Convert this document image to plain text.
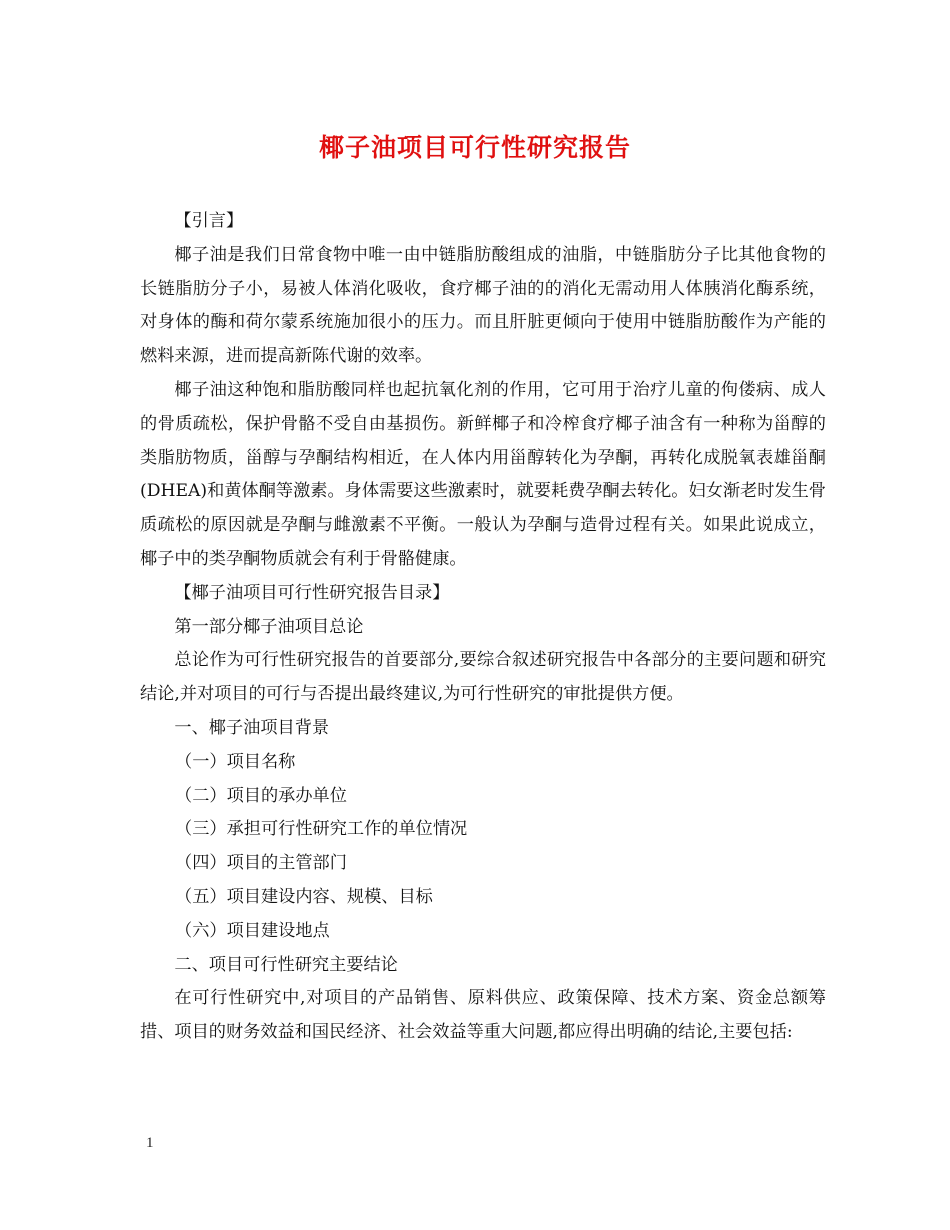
椰子油项目可行性研究报告

【引言】

椰子油是我们日常食物中唯一由中链脂肪酸组成的油脂，中链脂肪分子比其他食物的长链脂肪分子小，易被人体消化吸收，食疗椰子油的的消化无需动用人体胰消化酶系统，对身体的酶和荷尔蒙系统施加很小的压力。而且肝脏更倾向于使用中链脂肪酸作为产能的燃料来源，进而提高新陈代谢的效率。

椰子油这种饱和脂肪酸同样也起抗氧化剂的作用，它可用于治疗儿童的佝偻病、成人的骨质疏松，保护骨骼不受自由基损伤。新鲜椰子和冷榨食疗椰子油含有一种称为甾醇的类脂肪物质，甾醇与孕酮结构相近，在人体内用甾醇转化为孕酮，再转化成脱氧表雄甾酮(DHEA)和黄体酮等激素。身体需要这些激素时，就要耗费孕酮去转化。妇女渐老时发生骨质疏松的原因就是孕酮与雌激素不平衡。一般认为孕酮与造骨过程有关。如果此说成立，椰子中的类孕酮物质就会有利于骨骼健康。

【椰子油项目可行性研究报告目录】

第一部分椰子油项目总论

总论作为可行性研究报告的首要部分,要综合叙述研究报告中各部分的主要问题和研究结论,并对项目的可行与否提出最终建议,为可行性研究的审批提供方便。

一、椰子油项目背景

（一）项目名称

（二）项目的承办单位

（三）承担可行性研究工作的单位情况

（四）项目的主管部门

（五）项目建设内容、规模、目标

（六）项目建设地点

二、项目可行性研究主要结论

在可行性研究中,对项目的产品销售、原料供应、政策保障、技术方案、资金总额筹措、项目的财务效益和国民经济、社会效益等重大问题,都应得出明确的结论,主要包括:

1
